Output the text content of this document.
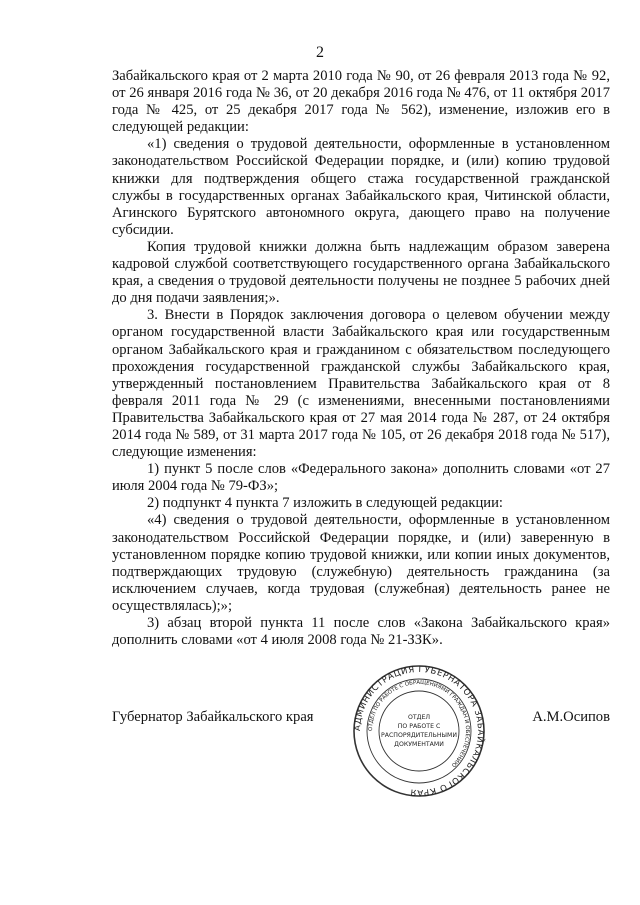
2

Забайкальского края от 2 марта 2010 года № 90, от 26 февраля 2013 года № 92, от 26 января 2016 года № 36, от 20 декабря 2016 года № 476, от 11 октября 2017 года № 425, от 25 декабря 2017 года № 562), изменение, изложив его в следующей редакции:

«1) сведения о трудовой деятельности, оформленные в установленном законодательством Российской Федерации порядке, и (или) копию трудовой книжки для подтверждения общего стажа государственной гражданской службы в государственных органах Забайкальского края, Читинской области, Агинского Бурятского автономного округа, дающего право на получение субсидии.

Копия трудовой книжки должна быть надлежащим образом заверена кадровой службой соответствующего государственного органа Забайкальского края, а сведения о трудовой деятельности получены не позднее 5 рабочих дней до дня подачи заявления;».

3. Внести в Порядок заключения договора о целевом обучении между органом государственной власти Забайкальского края или государственным органом Забайкальского края и гражданином с обязательством последующего прохождения государственной гражданской службы Забайкальского края, утвержденный постановлением Правительства Забайкальского края от 8 февраля 2011 года № 29 (с изменениями, внесенными постановлениями Правительства Забайкальского края от 27 мая 2014 года № 287, от 24 октября 2014 года № 589, от 31 марта 2017 года № 105, от 26 декабря 2018 года № 517), следующие изменения:

1) пункт 5 после слов «Федерального закона» дополнить словами «от 27 июля 2004 года № 79-ФЗ»;

2) подпункт 4 пункта 7 изложить в следующей редакции:

«4) сведения о трудовой деятельности, оформленные в установленном законодательством Российской Федерации порядке, и (или) заверенную в установленном порядке копию трудовой книжки, или копии иных документов, подтверждающих трудовую (служебную) деятельность гражданина (за исключением случаев, когда трудовая (служебная) деятельность ранее не осуществлялась);»;

3) абзац второй пункта 11 после слов «Закона Забайкальского края» дополнить словами «от 4 июля 2008 года № 21-ЗЗК».

Губернатор Забайкальского края	А.М.Осипов
АДМИНИСТРАЦИЯ ГУБЕРНАТОРА ЗАБАЙКАЛЬСКОГО КРАЯ
ОТДЕЛ ПО РАБОТЕ С ОБРАЩЕНИЯМИ ГРАЖДАН И ОБЕСПЕЧЕНИЮ
ОТДЕЛ
ПО РАБОТЕ С
РАСПОРЯДИТЕЛЬНЫМИ
ДОКУМЕНТАМИ
